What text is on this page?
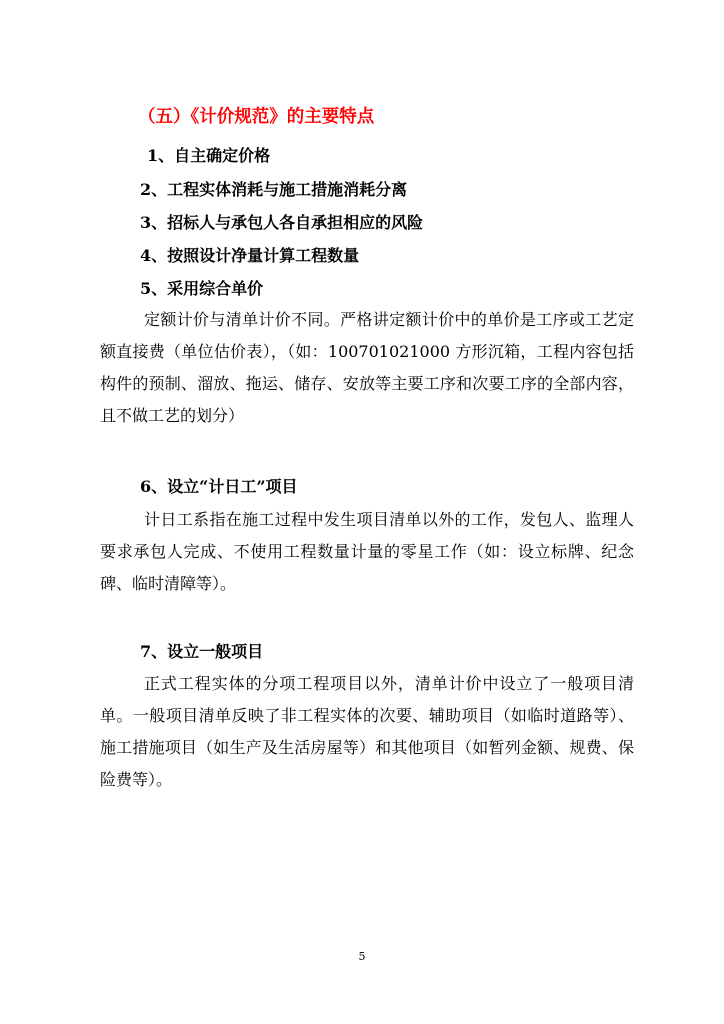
（五）《计价规范》的主要特点
1、自主确定价格
2、工程实体消耗与施工措施消耗分离
3、招标人与承包人各自承担相应的风险
4、按照设计净量计算工程数量
5、采用综合单价

定额计价与清单计价不同。严格讲定额计价中的单价是工序或工艺定额直接费（单位估价表），（如：100701021000 方形沉箱，工程内容包括构件的预制、溜放、拖运、储存、安放等主要工序和次要工序的全部内容，且不做工艺的划分）

6、设立“计日工”项目

计日工系指在施工过程中发生项目清单以外的工作，发包人、监理人要求承包人完成、不使用工程数量计量的零星工作（如：设立标牌、纪念碑、临时清障等）。

7、设立一般项目

正式工程实体的分项工程项目以外，清单计价中设立了一般项目清单。一般项目清单反映了非工程实体的次要、辅助项目（如临时道路等）、施工措施项目（如生产及生活房屋等）和其他项目（如暂列金额、规费、保险费等）。

5
